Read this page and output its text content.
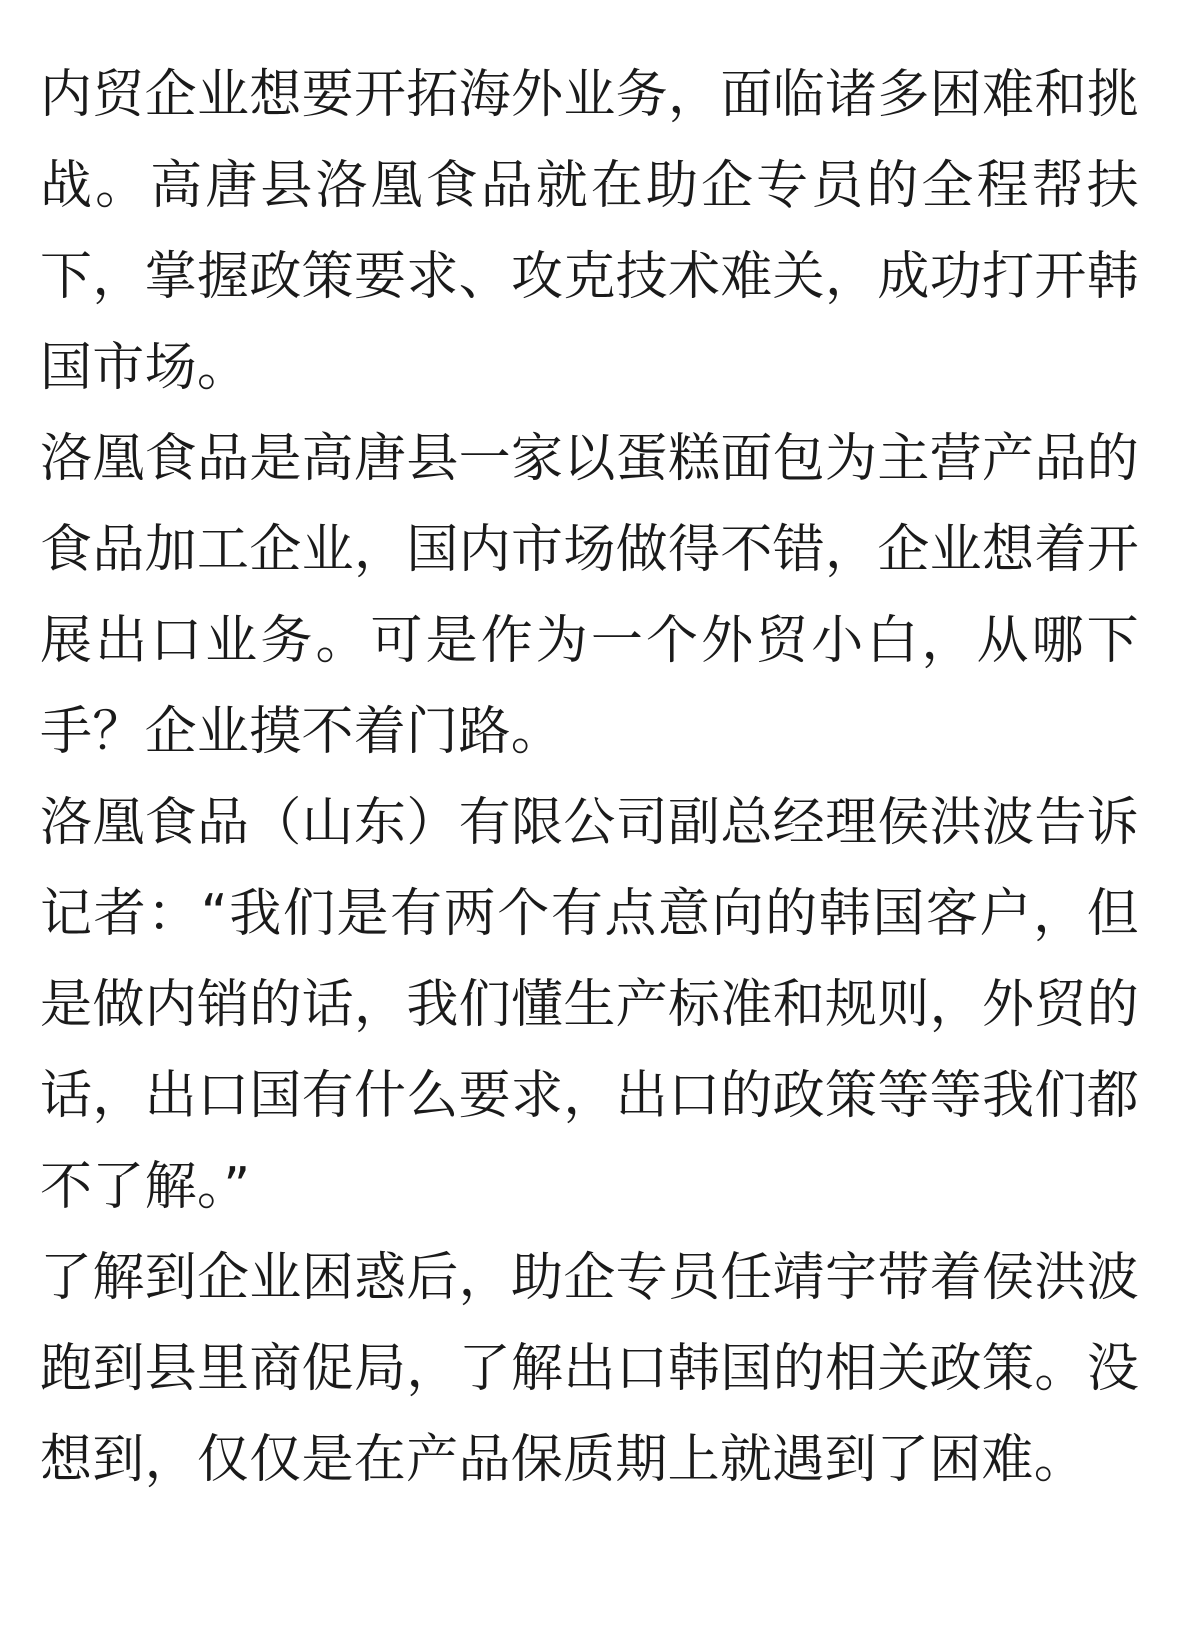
内贸企业想要开拓海外业务，面临诸多困难和挑战。高唐县洛凰食品就在助企专员的全程帮扶下，掌握政策要求、攻克技术难关，成功打开韩国市场。

洛凰食品是高唐县一家以蛋糕面包为主营产品的食品加工企业，国内市场做得不错，企业想着开展出口业务。可是作为一个外贸小白，从哪下手？企业摸不着门路。

洛凰食品（山东）有限公司副总经理侯洪波告诉记者：“我们是有两个有点意向的韩国客户，但是做内销的话，我们懂生产标准和规则，外贸的话，出口国有什么要求，出口的政策等等我们都不了解。”

了解到企业困惑后，助企专员任靖宇带着侯洪波跑到县里商促局，了解出口韩国的相关政策。没想到，仅仅是在产品保质期上就遇到了困难。
